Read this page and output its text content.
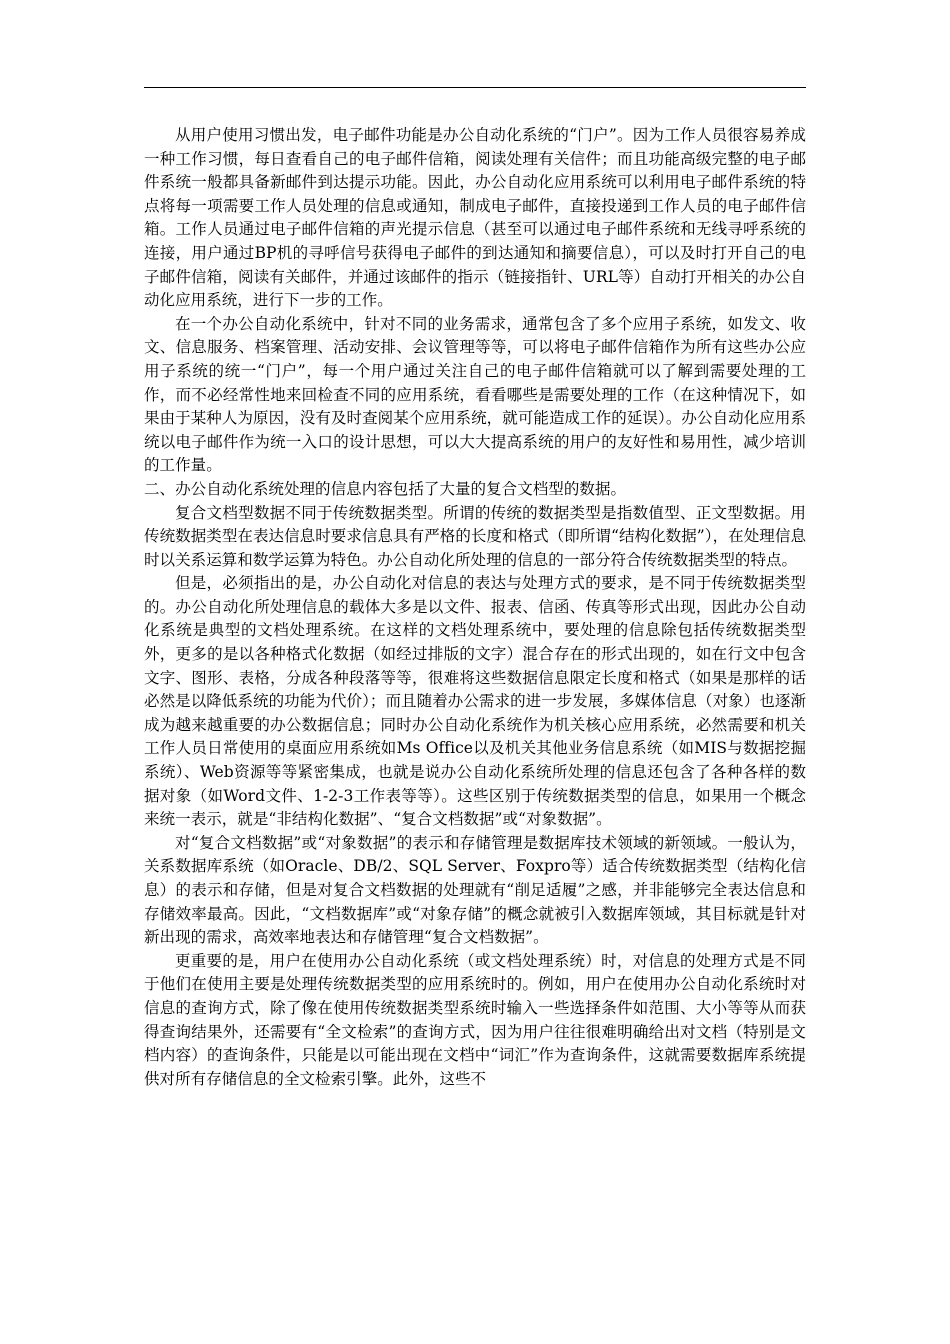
从用户使用习惯出发，电子邮件功能是办公自动化系统的“门户”。因为工作人员很容易养成一种工作习惯，每日查看自己的电子邮件信箱，阅读处理有关信件；而且功能高级完整的电子邮件系统一般都具备新邮件到达提示功能。因此，办公自动化应用系统可以利用电子邮件系统的特点将每一项需要工作人员处理的信息或通知，制成电子邮件，直接投递到工作人员的电子邮件信箱。工作人员通过电子邮件信箱的声光提示信息（甚至可以通过电子邮件系统和无线寻呼系统的连接，用户通过BP机的寻呼信号获得电子邮件的到达通知和摘要信息），可以及时打开自己的电子邮件信箱，阅读有关邮件，并通过该邮件的指示（链接指针、URL等）自动打开相关的办公自动化应用系统，进行下一步的工作。

在一个办公自动化系统中，针对不同的业务需求，通常包含了多个应用子系统，如发文、收文、信息服务、档案管理、活动安排、会议管理等等，可以将电子邮件信箱作为所有这些办公应用子系统的统一“门户”，每一个用户通过关注自己的电子邮件信箱就可以了解到需要处理的工作，而不必经常性地来回检查不同的应用系统，看看哪些是需要处理的工作（在这种情况下，如果由于某种人为原因，没有及时查阅某个应用系统，就可能造成工作的延误）。办公自动化应用系统以电子邮件作为统一入口的设计思想，可以大大提高系统的用户的友好性和易用性，减少培训的工作量。

二、办公自动化系统处理的信息内容包括了大量的复合文档型的数据。

复合文档型数据不同于传统数据类型。所谓的传统的数据类型是指数值型、正文型数据。用传统数据类型在表达信息时要求信息具有严格的长度和格式（即所谓“结构化数据”），在处理信息时以关系运算和数学运算为特色。办公自动化所处理的信息的一部分符合传统数据类型的特点。

但是，必须指出的是，办公自动化对信息的表达与处理方式的要求，是不同于传统数据类型的。办公自动化所处理信息的载体大多是以文件、报表、信函、传真等形式出现，因此办公自动化系统是典型的文档处理系统。在这样的文档处理系统中，要处理的信息除包括传统数据类型外，更多的是以各种格式化数据（如经过排版的文字）混合存在的形式出现的，如在行文中包含文字、图形、表格，分成各种段落等等，很难将这些数据信息限定长度和格式（如果是那样的话必然是以降低系统的功能为代价）；而且随着办公需求的进一步发展，多媒体信息（对象）也逐渐成为越来越重要的办公数据信息；同时办公自动化系统作为机关核心应用系统，必然需要和机关工作人员日常使用的桌面应用系统如Ms Office以及机关其他业务信息系统（如MIS与数据挖掘系统）、Web资源等等紧密集成，也就是说办公自动化系统所处理的信息还包含了各种各样的数据对象（如Word文件、1-2-3工作表等等）。这些区别于传统数据类型的信息，如果用一个概念来统一表示，就是“非结构化数据”、“复合文档数据”或“对象数据”。

对“复合文档数据”或“对象数据”的表示和存储管理是数据库技术领域的新领域。一般认为，关系数据库系统（如Oracle、DB/2、SQL Server、Foxpro等）适合传统数据类型（结构化信息）的表示和存储，但是对复合文档数据的处理就有“削足适履”之感，并非能够完全表达信息和存储效率最高。因此，“文档数据库”或“对象存储”的概念就被引入数据库领域，其目标就是针对新出现的需求，高效率地表达和存储管理“复合文档数据”。

更重要的是，用户在使用办公自动化系统（或文档处理系统）时，对信息的处理方式是不同于他们在使用主要是处理传统数据类型的应用系统时的。例如，用户在使用办公自动化系统时对信息的查询方式，除了像在使用传统数据类型系统时输入一些选择条件如范围、大小等等从而获得查询结果外，还需要有“全文检索”的查询方式，因为用户往往很难明确给出对文档（特别是文档内容）的查询条件，只能是以可能出现在文档中“词汇”作为查询条件，这就需要数据库系统提供对所有存储信息的全文检索引擎。此外，这些不
